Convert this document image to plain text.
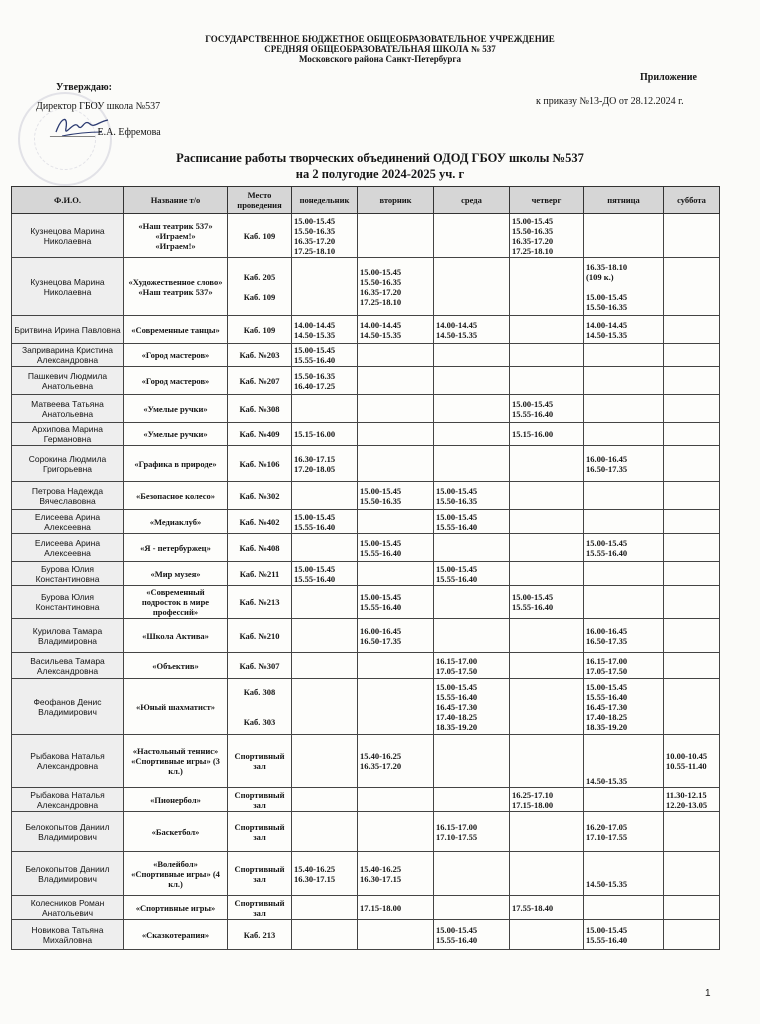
ГОСУДАРСТВЕННОЕ БЮДЖЕТНОЕ ОБЩЕОБРАЗОВАТЕЛЬНОЕ УЧРЕЖДЕНИЕ
СРЕДНЯЯ ОБЩЕОБРАЗОВАТЕЛЬНАЯ ШКОЛА № 537
Московского района Санкт-Петербурга
Утверждаю:
Директор ГБОУ школа №537
_________ Е.А. Ефремова
Приложение
к приказу №13-ДО от 28.12.2024 г.
Расписание работы творческих объединений ОДОД ГБОУ школы №537
на 2 полугодие 2024-2025 уч. г
Ф.И.О.	Название т/о	Место проведения	понедельник	вторник	среда	четверг	пятница	суббота
Кузнецова Марина Николаевна	«Наш театрик 537»
«Играем!»
«Играем!»	Каб. 109	15.00-15.45
15.50-16.35
16.35-17.20
17.25-18.10			15.00-15.45
15.50-16.35
16.35-17.20
17.25-18.10		
Кузнецова Марина Николаевна	«Художественное слово»
«Наш театрик 537»	Каб. 205

Каб. 109		15.00-15.45
15.50-16.35
16.35-17.20
17.25-18.10			16.35-18.10
(109 к.)

15.00-15.45
15.50-16.35	
Бритвина Ирина Павловна	«Современные танцы»	Каб. 109	14.00-14.45
14.50-15.35	14.00-14.45
14.50-15.35	14.00-14.45
14.50-15.35		14.00-14.45
14.50-15.35	
Заприварина Кристина Александровна	«Город мастеров»	Каб. №203	15.00-15.45
15.55-16.40					
Пашкевич Людмила Анатольевна	«Город мастеров»	Каб. №207	15.50-16.35
16.40-17.25					
Матвеева Татьяна Анатольевна	«Умелые ручки»	Каб. №308				15.00-15.45
15.55-16.40		
Архипова Марина Германовна	«Умелые ручки»	Каб. №409	15.15-16.00			15.15-16.00		
Сорокина Людмила Григорьевна	«Графика в природе»	Каб. №106	16.30-17.15
17.20-18.05				16.00-16.45
16.50-17.35	
Петрова Надежда Вячеславовна	«Безопасное колесо»	Каб. №302		15.00-15.45
15.50-16.35	15.00-15.45
15.50-16.35			
Елисеева Арина Алексеевна	«Медиаклуб»	Каб. №402	15.00-15.45
15.55-16.40		15.00-15.45
15.55-16.40			
Елисеева Арина Алексеевна	«Я - петербуржец»	Каб. №408		15.00-15.45
15.55-16.40			15.00-15.45
15.55-16.40	
Бурова Юлия Константиновна	«Мир музея»	Каб. №211	15.00-15.45
15.55-16.40		15.00-15.45
15.55-16.40			
Бурова Юлия Константиновна	«Современный подросток в мире профессий»	Каб. №213		15.00-15.45
15.55-16.40		15.00-15.45
15.55-16.40		
Курилова Тамара Владимировна	«Школа Актива»	Каб. №210		16.00-16.45
16.50-17.35			16.00-16.45
16.50-17.35	
Васильева Тамара Александровна	«Объектив»	Каб. №307			16.15-17.00
17.05-17.50		16.15-17.00
17.05-17.50	
Феофанов Денис Владимирович	«Юный шахматист»	Каб. 308

Каб. 303			15.00-15.45
15.55-16.40
16.45-17.30
17.40-18.25
18.35-19.20		15.00-15.45
15.55-16.40
16.45-17.30
17.40-18.25
18.35-19.20	
Рыбакова Наталья Александровна	«Настольный теннис»
«Спортивные игры» (3 кл.)	Спортивный зал		15.40-16.25
16.35-17.20			

14.50-15.35	10.00-10.45
10.55-11.40
Рыбакова Наталья Александровна	«Пионербол»	Спортивный зал				16.25-17.10
17.15-18.00		11.30-12.15
12.20-13.05
Белокопытов Даниил Владимирович	«Баскетбол»	Спортивный зал			16.15-17.00
17.10-17.55		16.20-17.05
17.10-17.55	
Белокопытов Даниил Владимирович	«Волейбол»
«Спортивные игры» (4 кл.)	Спортивный зал	15.40-16.25
16.30-17.15	15.40-16.25
16.30-17.15			

14.50-15.35	
Колесников Роман Анатольевич	«Спортивные игры»	Спортивный зал		17.15-18.00		17.55-18.40		
Новикова Татьяна Михайловна	«Сказкотерапия»	Каб. 213			15.00-15.45
15.55-16.40		15.00-15.45
15.55-16.40	
1
